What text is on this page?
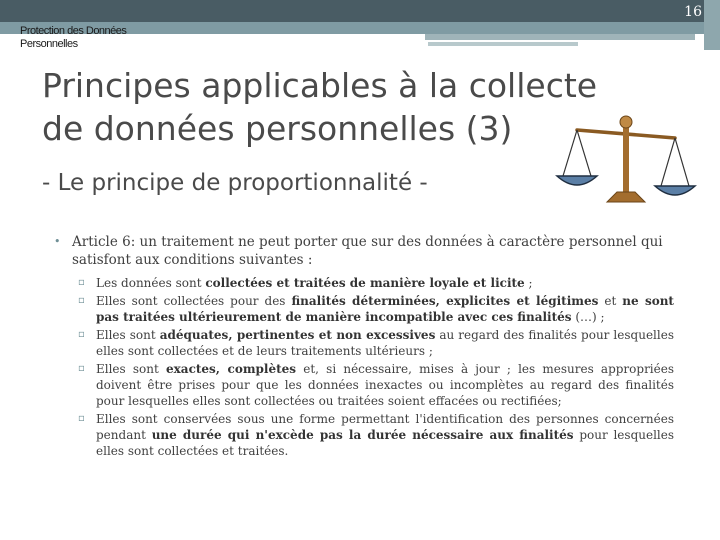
16
Protection des Données
Personnelles
Principes applicables à la collecte
de données personnelles (3)
- Le principe de proportionnalité -
• Article 6: un traitement ne peut porter que sur des données à caractère personnel qui satisfont aux conditions suivantes :
▫ Les données sont collectées et traitées de manière loyale et licite ;
▫ Elles sont collectées pour des finalités déterminées, explicites et légitimes et ne sont pas traitées ultérieurement de manière incompatible avec ces finalités (…) ;
▫ Elles sont adéquates, pertinentes et non excessives au regard des finalités pour lesquelles elles sont collectées et de leurs traitements ultérieurs ;
▫ Elles sont exactes, complètes et, si nécessaire, mises à jour ; les mesures appropriées doivent être prises pour que les données inexactes ou incomplètes au regard des finalités pour lesquelles elles sont collectées ou traitées soient effacées ou rectifiées;
▫ Elles sont conservées sous une forme permettant l'identification des personnes concernées pendant une durée qui n'excède pas la durée nécessaire aux finalités pour lesquelles elles sont collectées et traitées.
